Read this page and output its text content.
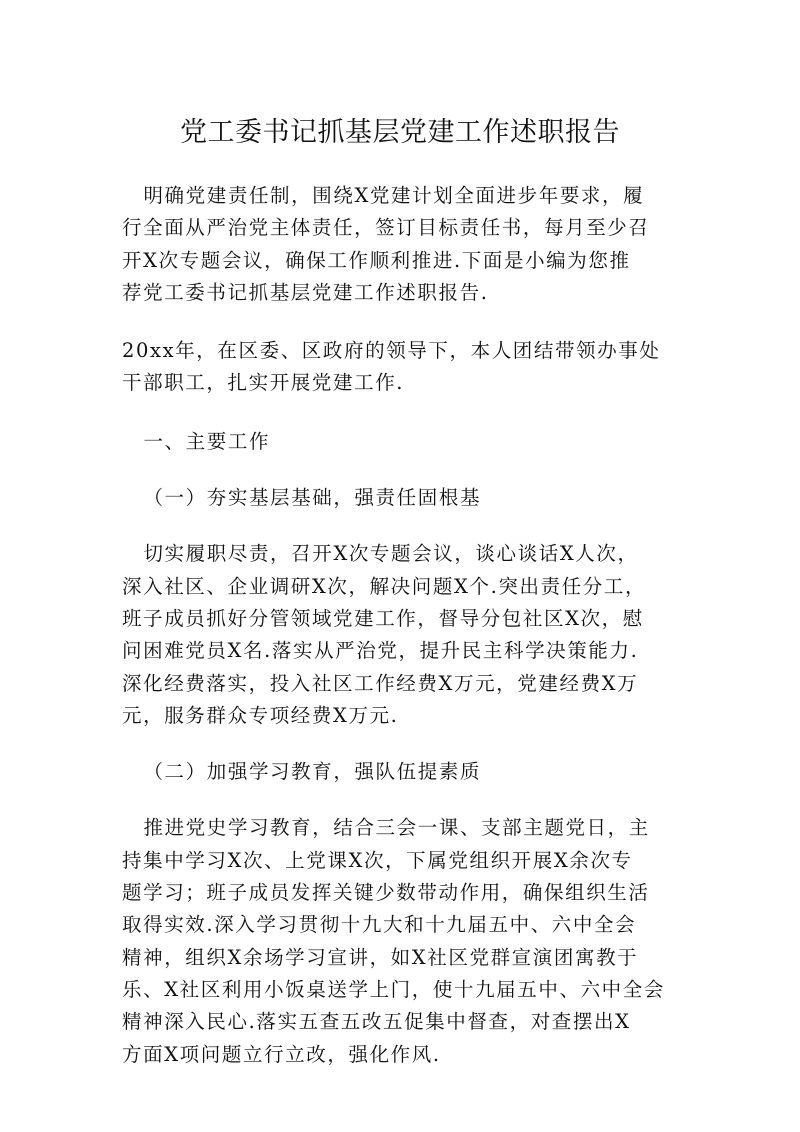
党工委书记抓基层党建工作述职报告

明确党建责任制，围绕X党建计划全面进步年要求，履
行全面从严治党主体责任，签订目标责任书，每月至少召
开X次专题会议，确保工作顺利推进.下面是小编为您推
荐党工委书记抓基层党建工作述职报告.

20xx年，在区委、区政府的领导下，本人团结带领办事处
干部职工，扎实开展党建工作.

一、主要工作

（一）夯实基层基础，强责任固根基

切实履职尽责，召开X次专题会议，谈心谈话X人次，
深入社区、企业调研X次，解决问题X个.突出责任分工，
班子成员抓好分管领域党建工作，督导分包社区X次，慰
问困难党员X名.落实从严治党，提升民主科学决策能力.
深化经费落实，投入社区工作经费X万元，党建经费X万
元，服务群众专项经费X万元.

（二）加强学习教育，强队伍提素质

推进党史学习教育，结合三会一课、支部主题党日，主
持集中学习X次、上党课X次，下属党组织开展X余次专
题学习；班子成员发挥关键少数带动作用，确保组织生活
取得实效.深入学习贯彻十九大和十九届五中、六中全会
精神，组织X余场学习宣讲，如X社区党群宣演团寓教于
乐、X社区利用小饭桌送学上门，使十九届五中、六中全会
精神深入民心.落实五查五改五促集中督查，对查摆出X
方面X项问题立行立改，强化作风.
